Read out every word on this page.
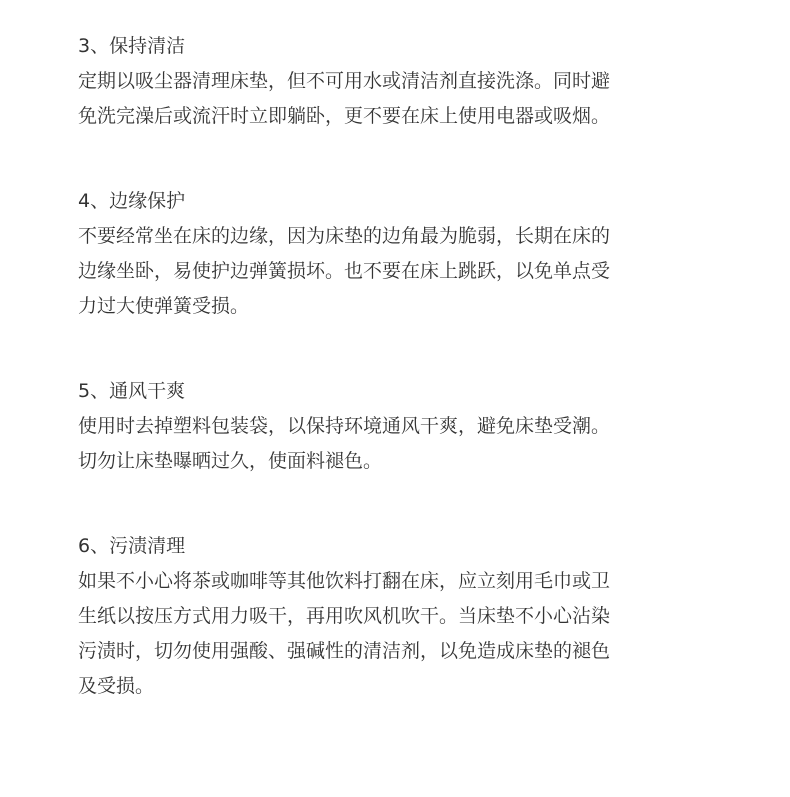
3、保持清洁
定期以吸尘器清理床垫，但不可用水或清洁剂直接洗涤。同时避
免洗完澡后或流汗时立即躺卧，更不要在床上使用电器或吸烟。
4、边缘保护
不要经常坐在床的边缘，因为床垫的边角最为脆弱，长期在床的
边缘坐卧，易使护边弹簧损坏。也不要在床上跳跃，以免单点受
力过大使弹簧受损。
5、通风干爽
使用时去掉塑料包装袋，以保持环境通风干爽，避免床垫受潮。
切勿让床垫曝晒过久，使面料褪色。
6、污渍清理
如果不小心将茶或咖啡等其他饮料打翻在床，应立刻用毛巾或卫
生纸以按压方式用力吸干，再用吹风机吹干。当床垫不小心沾染
污渍时，切勿使用强酸、强碱性的清洁剂，以免造成床垫的褪色
及受损。
